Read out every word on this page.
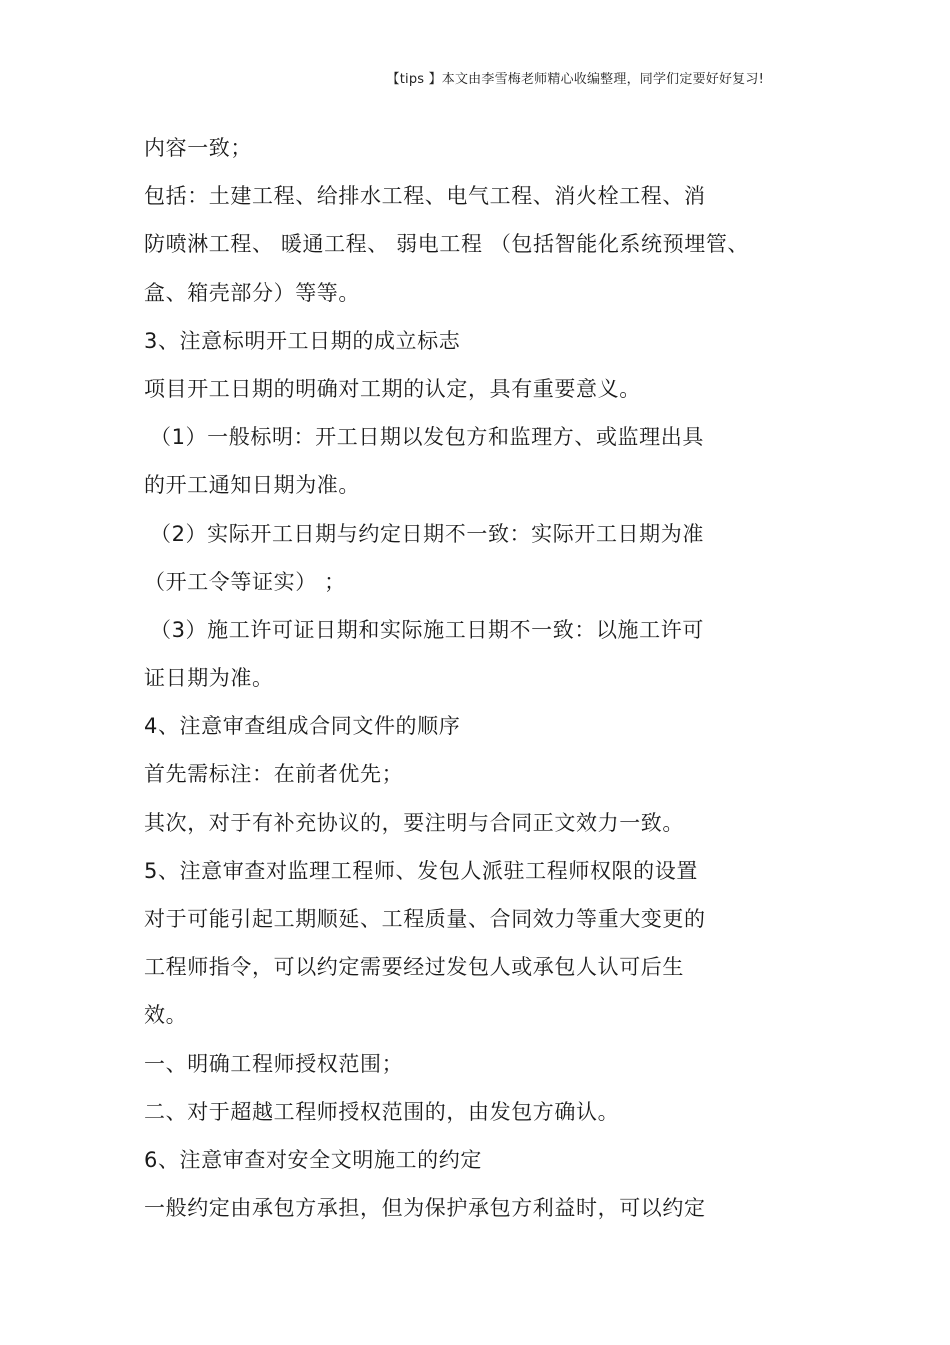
【tips 】本文由李雪梅老师精心收编整理，同学们定要好好复习!
内容一致；
包括：土建工程、给排水工程、电气工程、消火栓工程、消
防喷淋工程、 暖通工程、 弱电工程 （包括智能化系统预埋管、
盒、箱壳部分）等等。
3、注意标明开工日期的成立标志
项目开工日期的明确对工期的认定，具有重要意义。
（1）一般标明：开工日期以发包方和监理方、或监理出具
的开工通知日期为准。
（2）实际开工日期与约定日期不一致：实际开工日期为准
（开工令等证实） ；
（3）施工许可证日期和实际施工日期不一致：以施工许可
证日期为准。
4、注意审查组成合同文件的顺序
首先需标注：在前者优先；
其次，对于有补充协议的，要注明与合同正文效力一致。
5、注意审查对监理工程师、发包人派驻工程师权限的设置
对于可能引起工期顺延、工程质量、合同效力等重大变更的
工程师指令，可以约定需要经过发包人或承包人认可后生
效。
一、明确工程师授权范围；
二、对于超越工程师授权范围的，由发包方确认。
6、注意审查对安全文明施工的约定
一般约定由承包方承担，但为保护承包方利益时，可以约定
